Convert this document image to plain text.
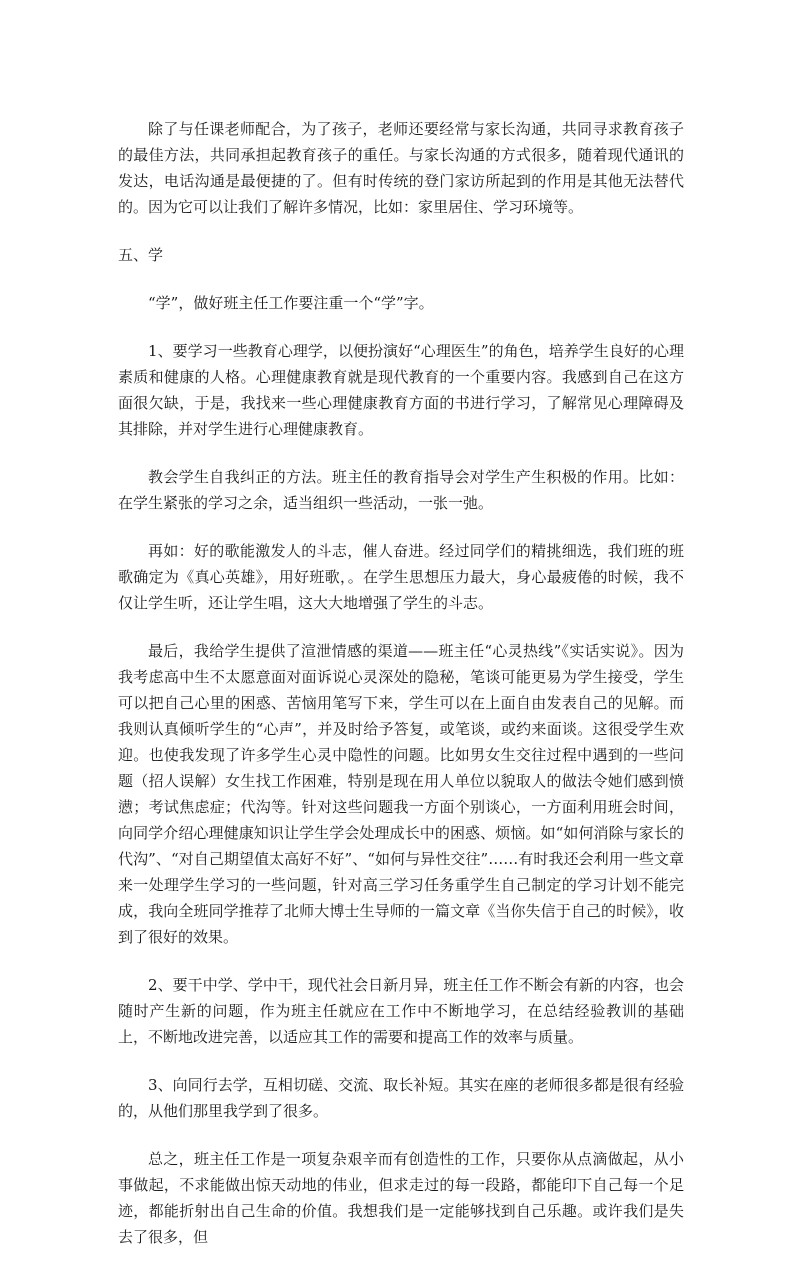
除了与任课老师配合，为了孩子，老师还要经常与家长沟通，共同寻求教育孩子的最佳方法，共同承担起教育孩子的重任。与家长沟通的方式很多，随着现代通讯的发达，电话沟通是最便捷的了。但有时传统的登门家访所起到的作用是其他无法替代的。因为它可以让我们了解许多情况，比如：家里居住、学习环境等。

五、学

“学”，做好班主任工作要注重一个“学”字。

1、要学习一些教育心理学，以便扮演好“心理医生”的角色，培养学生良好的心理素质和健康的人格。心理健康教育就是现代教育的一个重要内容。我感到自己在这方面很欠缺，于是，我找来一些心理健康教育方面的书进行学习，了解常见心理障碍及其排除，并对学生进行心理健康教育。

教会学生自我纠正的方法。班主任的教育指导会对学生产生积极的作用。比如：在学生紧张的学习之余，适当组织一些活动，一张一弛。

再如：好的歌能激发人的斗志，催人奋进。经过同学们的精挑细选，我们班的班歌确定为《真心英雄》，用好班歌，。在学生思想压力最大，身心最疲倦的时候，我不仅让学生听，还让学生唱，这大大地增强了学生的斗志。

最后，我给学生提供了渲泄情感的渠道——班主任“心灵热线”《实话实说》。因为我考虑高中生不太愿意面对面诉说心灵深处的隐秘，笔谈可能更易为学生接受，学生可以把自己心里的困惑、苦恼用笔写下来，学生可以在上面自由发表自己的见解。而我则认真倾听学生的“心声”，并及时给予答复，或笔谈，或约来面谈。这很受学生欢迎。也使我发现了许多学生心灵中隐性的问题。比如男女生交往过程中遇到的一些问题（招人误解）女生找工作困难，特别是现在用人单位以貌取人的做法令她们感到愤懑；考试焦虑症；代沟等。针对这些问题我一方面个别谈心，一方面利用班会时间，向同学介绍心理健康知识让学生学会处理成长中的困惑、烦恼。如“如何消除与家长的代沟”、“对自己期望值太高好不好”、“如何与异性交往”……有时我还会利用一些文章来一处理学生学习的一些问题，针对高三学习任务重学生自己制定的学习计划不能完成，我向全班同学推荐了北师大博士生导师的一篇文章《当你失信于自己的时候》，收到了很好的效果。

2、要干中学、学中干，现代社会日新月异，班主任工作不断会有新的内容，也会随时产生新的问题，作为班主任就应在工作中不断地学习，在总结经验教训的基础上，不断地改进完善，以适应其工作的需要和提高工作的效率与质量。

3、向同行去学，互相切磋、交流、取长补短。其实在座的老师很多都是很有经验的，从他们那里我学到了很多。

总之，班主任工作是一项复杂艰辛而有创造性的工作，只要你从点滴做起，从小事做起，不求能做出惊天动地的伟业，但求走过的每一段路，都能印下自己每一个足迹，都能折射出自己生命的价值。我想我们是一定能够找到自己乐趣。或许我们是失去了很多，但
